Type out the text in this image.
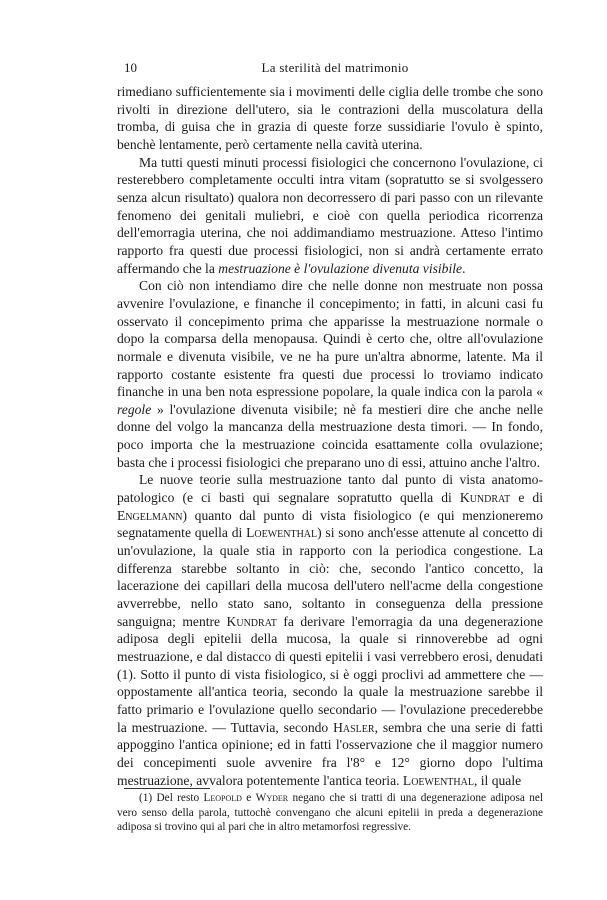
10	La sterilità del matrimonio

rimediano sufficientemente sia i movimenti delle ciglia delle trombe che sono rivolti in direzione dell'utero, sia le contrazioni della muscolatura della tromba, di guisa che in grazia di queste forze sussidiarie l'ovulo è spinto, benchè lentamente, però certamente nella cavità uterina.

Ma tutti questi minuti processi fisiologici che concernono l'ovulazione, ci resterebbero completamente occulti intra vitam (sopratutto se si svolgessero senza alcun risultato) qualora non decorressero di pari passo con un rilevante fenomeno dei genitali muliebri, e cioè con quella periodica ricorrenza dell'emorragia uterina, che noi addimandiamo mestruazione. Atteso l'intimo rapporto fra questi due processi fisiologici, non si andrà certamente errato affermando che la mestruazione è l'ovulazione divenuta visibile.

Con ciò non intendiamo dire che nelle donne non mestruate non possa avvenire l'ovulazione, e finanche il concepimento; in fatti, in alcuni casi fu osservato il concepimento prima che apparisse la mestruazione normale o dopo la comparsa della menopausa. Quindi è certo che, oltre all'ovulazione normale e divenuta visibile, ve ne ha pure un'altra abnorme, latente. Ma il rapporto costante esistente fra questi due processi lo troviamo indicato finanche in una ben nota espressione popolare, la quale indica con la parola « regole » l'ovulazione divenuta visibile; nè fa mestieri dire che anche nelle donne del volgo la mancanza della mestruazione desta timori. — In fondo, poco importa che la mestruazione coincida esattamente colla ovulazione; basta che i processi fisiologici che preparano uno di essi, attuino anche l'altro.

Le nuove teorie sulla mestruazione tanto dal punto di vista anatomo-patologico (e ci basti qui segnalare sopratutto quella di Kundrat e di Engelmann) quanto dal punto di vista fisiologico (e qui menzioneremo segnatamente quella di Loewenthal) si sono anch'esse attenute al concetto di un'ovulazione, la quale stia in rapporto con la periodica congestione. La differenza starebbe soltanto in ciò: che, secondo l'antico concetto, la lacerazione dei capillari della mucosa dell'utero nell'acme della congestione avverrebbe, nello stato sano, soltanto in conseguenza della pressione sanguigna; mentre Kundrat fa derivare l'emorragia da una degenerazione adiposa degli epitelii della mucosa, la quale si rinnoverebbe ad ogni mestruazione, e dal distacco di questi epitelii i vasi verrebbero erosi, denudati (1). Sotto il punto di vista fisiologico, si è oggi proclivi ad ammettere che — oppostamente all'antica teoria, secondo la quale la mestruazione sarebbe il fatto primario e l'ovulazione quello secondario — l'ovulazione precederebbe la mestruazione. — Tuttavia, secondo Hasler, sembra che una serie di fatti appoggino l'antica opinione; ed in fatti l'osservazione che il maggior numero dei concepimenti suole avvenire fra l'8° e 12° giorno dopo l'ultima mestruazione, avvalora potentemente l'antica teoria. Loewenthal, il quale

(1) Del resto Leopold e Wyder negano che si tratti di una degenerazione adiposa nel vero senso della parola, tuttochè convengano che alcuni epitelii in preda a degenerazione adiposa si trovino qui al pari che in altro metamorfosi regressive.
